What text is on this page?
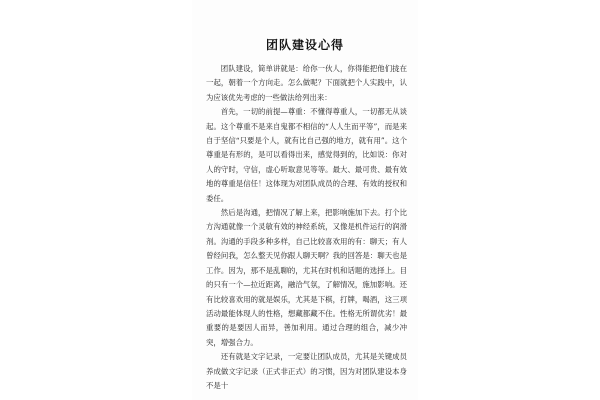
团队建设心得

团队建设，简单讲就是：给你一伙人，你得能把他们拢在一起，朝着一个方向走。怎么做呢？下面就把个人实践中，认为应该优先考虑的一些做法给列出来：

首先，一切的前提—尊重：不懂得尊重人，一切都无从谈起。这个尊重不是来自鬼都不相信的“人人生而平等”，而是来自于坚信“只要是个人，就有比自己强的地方，就有用”。这个尊重是有形的，是可以看得出来，感觉得到的，比如说：你对人的守时，守信，虚心听取意见等等。最大、最可贵、最有效地的尊重是信任！这体现为对团队成员的合理、有效的授权和委任。

然后是沟通，把情况了解上来，把影响施加下去。打个比方沟通就像一个灵敏有效的神经系统，又像是机件运行的润滑剂。沟通的手段多种多样，自己比较喜欢用的有：聊天；有人曾经问我，怎么整天见你跟人聊天啊？我的回答是：聊天也是工作。因为，那不是乱聊的，尤其在时机和话题的选择上。目的只有一个—拉近距离，融洽气氛，了解情况，施加影响。还有比较喜欢用的就是娱乐，尤其是下棋，打牌，喝酒，这三项活动最能体现人的性格，想藏都藏不住。性格无所谓优劣！最重要的是要因人而异，善加利用。通过合理的组合，减少冲突，增强合力。

还有就是文字记录，一定要让团队成员，尤其是关键成员养成做文字记录（正式非正式）的习惯，因为对团队建设本身不是十
